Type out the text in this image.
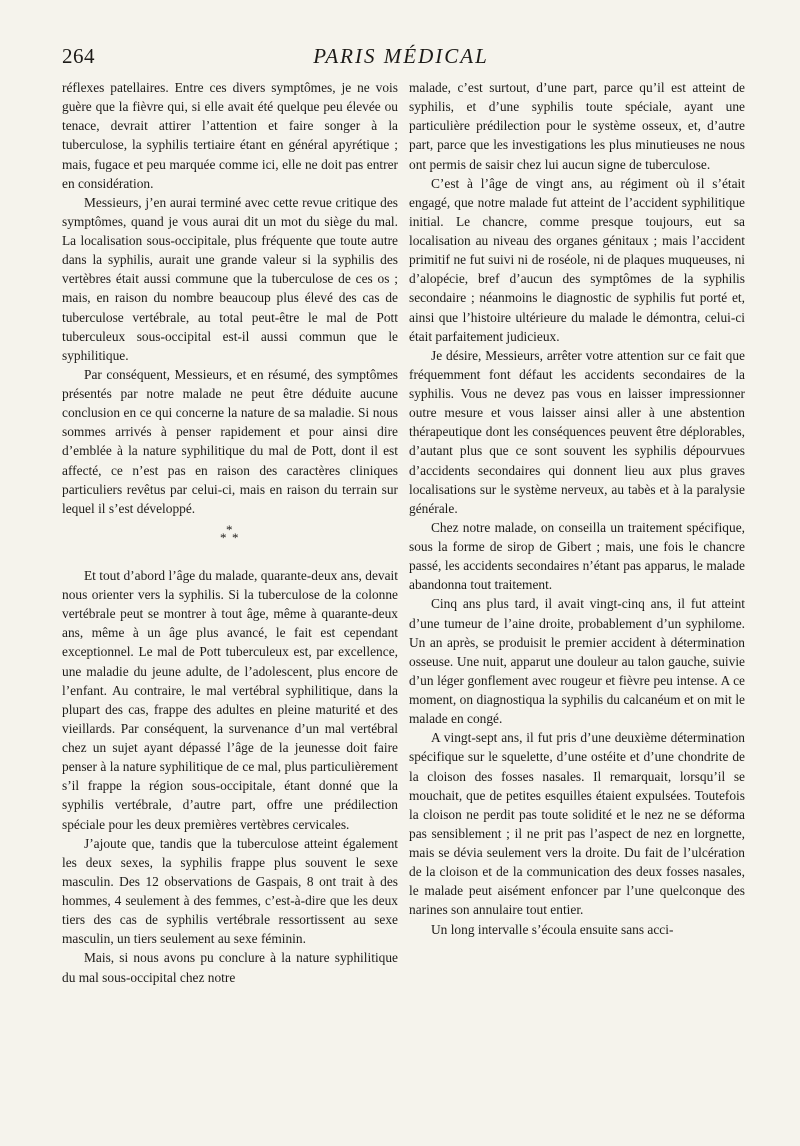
264	PARIS MÉDICAL

réflexes patellaires. Entre ces divers symptômes, je ne vois guère que la fièvre qui, si elle avait été quelque peu élevée ou tenace, devrait attirer l’attention et faire songer à la tuberculose, la syphilis tertiaire étant en général apyrétique ; mais, fugace et peu marquée comme ici, elle ne doit pas entrer en considération.

Messieurs, j’en aurai terminé avec cette revue critique des symptômes, quand je vous aurai dit un mot du siège du mal. La localisation sous-occipitale, plus fréquente que toute autre dans la syphilis, aurait une grande valeur si la syphilis des vertèbres était aussi commune que la tuberculose de ces os ; mais, en raison du nombre beaucoup plus élevé des cas de tuberculose vertébrale, au total peut-être le mal de Pott tuberculeux sous-occipital est-il aussi commun que le syphilitique.

Par conséquent, Messieurs, et en résumé, des symptômes présentés par notre malade ne peut être déduite aucune conclusion en ce qui concerne la nature de sa maladie. Si nous sommes arrivés à penser rapidement et pour ainsi dire d’emblée à la nature syphilitique du mal de Pott, dont il est affecté, ce n’est pas en raison des caractères cliniques particuliers revêtus par celui-ci, mais en raison du terrain sur lequel il s’est développé.

*
* *

Et tout d’abord l’âge du malade, quarante-deux ans, devait nous orienter vers la syphilis. Si la tuberculose de la colonne vertébrale peut se montrer à tout âge, même à quarante-deux ans, même à un âge plus avancé, le fait est cependant exceptionnel. Le mal de Pott tuberculeux est, par excellence, une maladie du jeune adulte, de l’adolescent, plus encore de l’enfant. Au contraire, le mal vertébral syphilitique, dans la plupart des cas, frappe des adultes en pleine maturité et des vieillards. Par conséquent, la survenance d’un mal vertébral chez un sujet ayant dépassé l’âge de la jeunesse doit faire penser à la nature syphilitique de ce mal, plus particulièrement s’il frappe la région sous-occipitale, étant donné que la syphilis vertébrale, d’autre part, offre une prédilection spéciale pour les deux premières vertèbres cervicales.

J’ajoute que, tandis que la tuberculose atteint également les deux sexes, la syphilis frappe plus souvent le sexe masculin. Des 12 observations de Gaspais, 8 ont trait à des hommes, 4 seulement à des femmes, c’est-à-dire que les deux tiers des cas de syphilis vertébrale ressortissent au sexe masculin, un tiers seulement au sexe féminin.

Mais, si nous avons pu conclure à la nature syphilitique du mal sous-occipital chez notre

malade, c’est surtout, d’une part, parce qu’il est atteint de syphilis, et d’une syphilis toute spéciale, ayant une particulière prédilection pour le système osseux, et, d’autre part, parce que les investigations les plus minutieuses ne nous ont permis de saisir chez lui aucun signe de tuberculose.

C’est à l’âge de vingt ans, au régiment où il s’était engagé, que notre malade fut atteint de l’accident syphilitique initial. Le chancre, comme presque toujours, eut sa localisation au niveau des organes génitaux ; mais l’accident primitif ne fut suivi ni de roséole, ni de plaques muqueuses, ni d’alopécie, bref d’aucun des symptômes de la syphilis secondaire ; néanmoins le diagnostic de syphilis fut porté et, ainsi que l’histoire ultérieure du malade le démontra, celui-ci était parfaitement judicieux.

Je désire, Messieurs, arrêter votre attention sur ce fait que fréquemment font défaut les accidents secondaires de la syphilis. Vous ne devez pas vous en laisser impressionner outre mesure et vous laisser ainsi aller à une abstention thérapeutique dont les conséquences peuvent être déplorables, d’autant plus que ce sont souvent les syphilis dépourvues d’accidents secondaires qui donnent lieu aux plus graves localisations sur le système nerveux, au tabès et à la paralysie générale.

Chez notre malade, on conseilla un traitement spécifique, sous la forme de sirop de Gibert ; mais, une fois le chancre passé, les accidents secondaires n’étant pas apparus, le malade abandonna tout traitement.

Cinq ans plus tard, il avait vingt-cinq ans, il fut atteint d’une tumeur de l’aine droite, probablement d’un syphilome. Un an après, se produisit le premier accident à détermination osseuse. Une nuit, apparut une douleur au talon gauche, suivie d’un léger gonflement avec rougeur et fièvre peu intense. A ce moment, on diagnostiqua la syphilis du calcanéum et on mit le malade en congé.

A vingt-sept ans, il fut pris d’une deuxième détermination spécifique sur le squelette, d’une ostéite et d’une chondrite de la cloison des fosses nasales. Il remarquait, lorsqu’il se mouchait, que de petites esquilles étaient expulsées. Toutefois la cloison ne perdit pas toute solidité et le nez ne se déforma pas sensiblement ; il ne prit pas l’aspect de nez en lorgnette, mais se dévia seulement vers la droite. Du fait de l’ulcération de la cloison et de la communication des deux fosses nasales, le malade peut aisément enfoncer par l’une quelconque des narines son annulaire tout entier.

Un long intervalle s’écoula ensuite sans acci-
